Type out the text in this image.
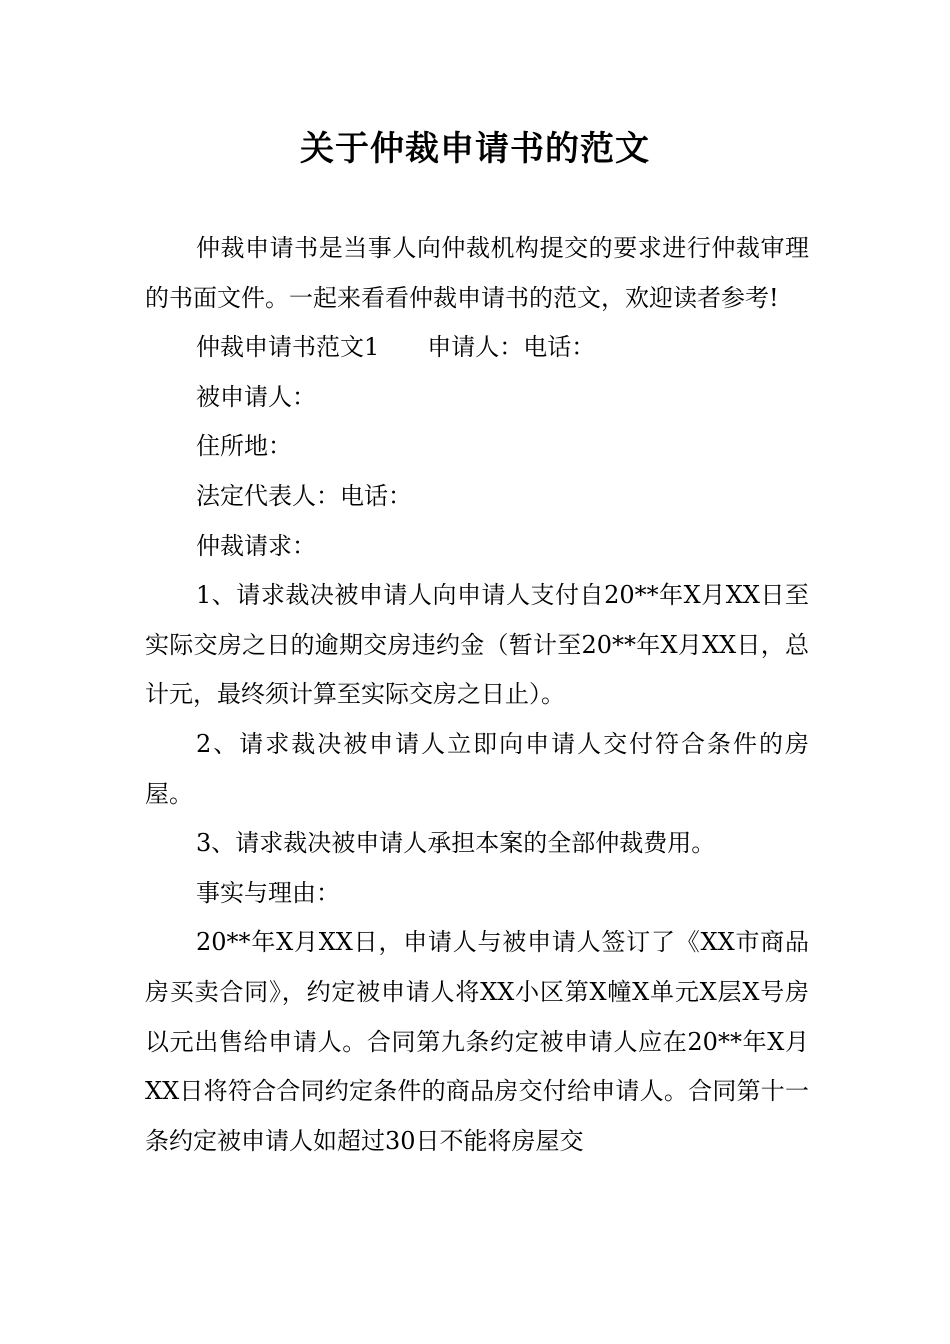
关于仲裁申请书的范文

仲裁申请书是当事人向仲裁机构提交的要求进行仲裁审理的书面文件。一起来看看仲裁申请书的范文，欢迎读者参考!

仲裁申请书范文1 申请人：电话：

被申请人：

住所地：

法定代表人：电话：

仲裁请求：

1、请求裁决被申请人向申请人支付自20**年X月XX日至实际交房之日的逾期交房违约金（暂计至20**年X月XX日，总计元，最终须计算至实际交房之日止）。

2、请求裁决被申请人立即向申请人交付符合条件的房屋。

3、请求裁决被申请人承担本案的全部仲裁费用。

事实与理由：

20**年X月XX日，申请人与被申请人签订了《XX市商品房买卖合同》，约定被申请人将XX小区第X幢X单元X层X号房以元出售给申请人。合同第九条约定被申请人应在20**年X月XX日将符合合同约定条件的商品房交付给申请人。合同第十一条约定被申请人如超过30日不能将房屋交
